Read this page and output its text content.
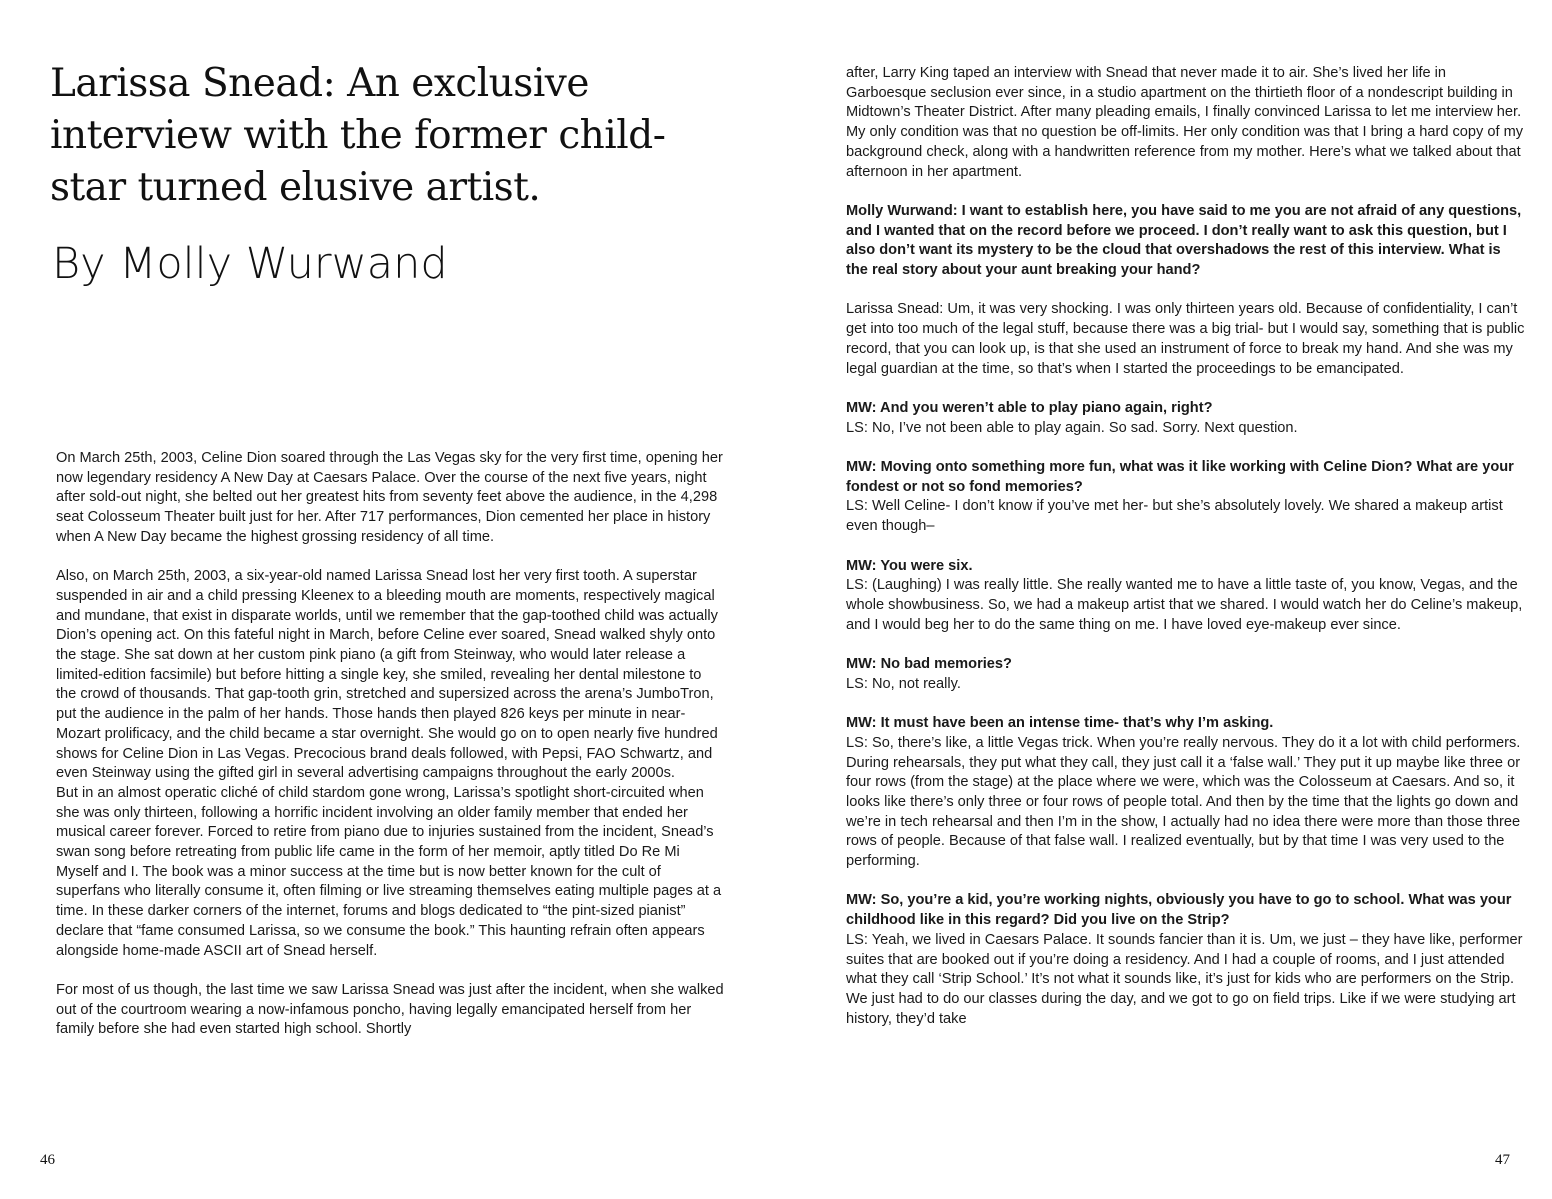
Larissa Snead: An exclusive interview with the former child-star turned elusive artist.
By Molly Wurwand

On March 25th, 2003, Celine Dion soared through the Las Vegas sky for the very first time, opening her now legendary residency A New Day at Caesars Palace. Over the course of the next five years, night after sold-out night, she belted out her greatest hits from seventy feet above the audience, in the 4,298 seat Colosseum Theater built just for her. After 717 performances, Dion cemented her place in history when A New Day became the highest grossing residency of all time.

Also, on March 25th, 2003, a six-year-old named Larissa Snead lost her very first tooth. A superstar suspended in air and a child pressing Kleenex to a bleeding mouth are moments, respectively magical and mundane, that exist in disparate worlds, until we remember that the gap-toothed child was actually Dion’s opening act. On this fateful night in March, before Celine ever soared, Snead walked shyly onto the stage. She sat down at her custom pink piano (a gift from Steinway, who would later release a limited-edition facsimile) but before hitting a single key, she smiled, revealing her dental milestone to the crowd of thousands. That gap-tooth grin, stretched and supersized across the arena’s JumboTron, put the audience in the palm of her hands. Those hands then played 826 keys per minute in near-Mozart prolificacy, and the child became a star overnight. She would go on to open nearly five hundred shows for Celine Dion in Las Vegas. Precocious brand deals followed, with Pepsi, FAO Schwartz, and even Steinway using the gifted girl in several advertising campaigns throughout the early 2000s.
But in an almost operatic cliché of child stardom gone wrong, Larissa’s spotlight short-circuited when she was only thirteen, following a horrific incident involving an older family member that ended her musical career forever. Forced to retire from piano due to injuries sustained from the incident, Snead’s swan song before retreating from public life came in the form of her memoir, aptly titled Do Re Mi Myself and I. The book was a minor success at the time but is now better known for the cult of superfans who literally consume it, often filming or live streaming themselves eating multiple pages at a time. In these darker corners of the internet, forums and blogs dedicated to “the pint-sized pianist” declare that “fame consumed Larissa, so we consume the book.” This haunting refrain often appears alongside home-made ASCII art of Snead herself.

For most of us though, the last time we saw Larissa Snead was just after the incident, when she walked out of the courtroom wearing a now-infamous poncho, having legally emancipated herself from her family before she had even started high school. Shortly

46

after, Larry King taped an interview with Snead that never made it to air. She’s lived her life in Garboesque seclusion ever since, in a studio apartment on the thirtieth floor of a nondescript building in Midtown’s Theater District. After many pleading emails, I finally convinced Larissa to let me interview her. My only condition was that no question be off-limits. Her only condition was that I bring a hard copy of my background check, along with a handwritten reference from my mother. Here’s what we talked about that afternoon in her apartment.

Molly Wurwand: I want to establish here, you have said to me you are not afraid of any questions, and I wanted that on the record before we proceed. I don’t really want to ask this question, but I also don’t want its mystery to be the cloud that overshadows the rest of this interview. What is the real story about your aunt breaking your hand?

Larissa Snead: Um, it was very shocking. I was only thirteen years old. Because of confidentiality, I can’t get into too much of the legal stuff, because there was a big trial- but I would say, something that is public record, that you can look up, is that she used an instrument of force to break my hand. And she was my legal guardian at the time, so that’s when I started the proceedings to be emancipated.

MW: And you weren’t able to play piano again, right?
LS: No, I’ve not been able to play again. So sad. Sorry. Next question.

MW: Moving onto something more fun, what was it like working with Celine Dion? What are your fondest or not so fond memories?
LS: Well Celine- I don’t know if you’ve met her- but she’s absolutely lovely. We shared a makeup artist even though–

MW: You were six.
LS: (Laughing) I was really little. She really wanted me to have a little taste of, you know, Vegas, and the whole showbusiness. So, we had a makeup artist that we shared. I would watch her do Celine’s makeup, and I would beg her to do the same thing on me. I have loved eye-makeup ever since.

MW: No bad memories?
LS: No, not really.

MW: It must have been an intense time- that’s why I’m asking.
LS: So, there’s like, a little Vegas trick. When you’re really nervous. They do it a lot with child performers. During rehearsals, they put what they call, they just call it a ‘false wall.’ They put it up maybe like three or four rows (from the stage) at the place where we were, which was the Colosseum at Caesars. And so, it looks like there’s only three or four rows of people total. And then by the time that the lights go down and we’re in tech rehearsal and then I’m in the show, I actually had no idea there were more than those three rows of people. Because of that false wall. I realized eventually, but by that time I was very used to the performing.

MW: So, you’re a kid, you’re working nights, obviously you have to go to school. What was your childhood like in this regard? Did you live on the Strip?
LS: Yeah, we lived in Caesars Palace. It sounds fancier than it is. Um, we just – they have like, performer suites that are booked out if you’re doing a residency. And I had a couple of rooms, and I just attended what they call ‘Strip School.’ It’s not what it sounds like, it’s just for kids who are performers on the Strip. We just had to do our classes during the day, and we got to go on field trips. Like if we were studying art history, they’d take

47
